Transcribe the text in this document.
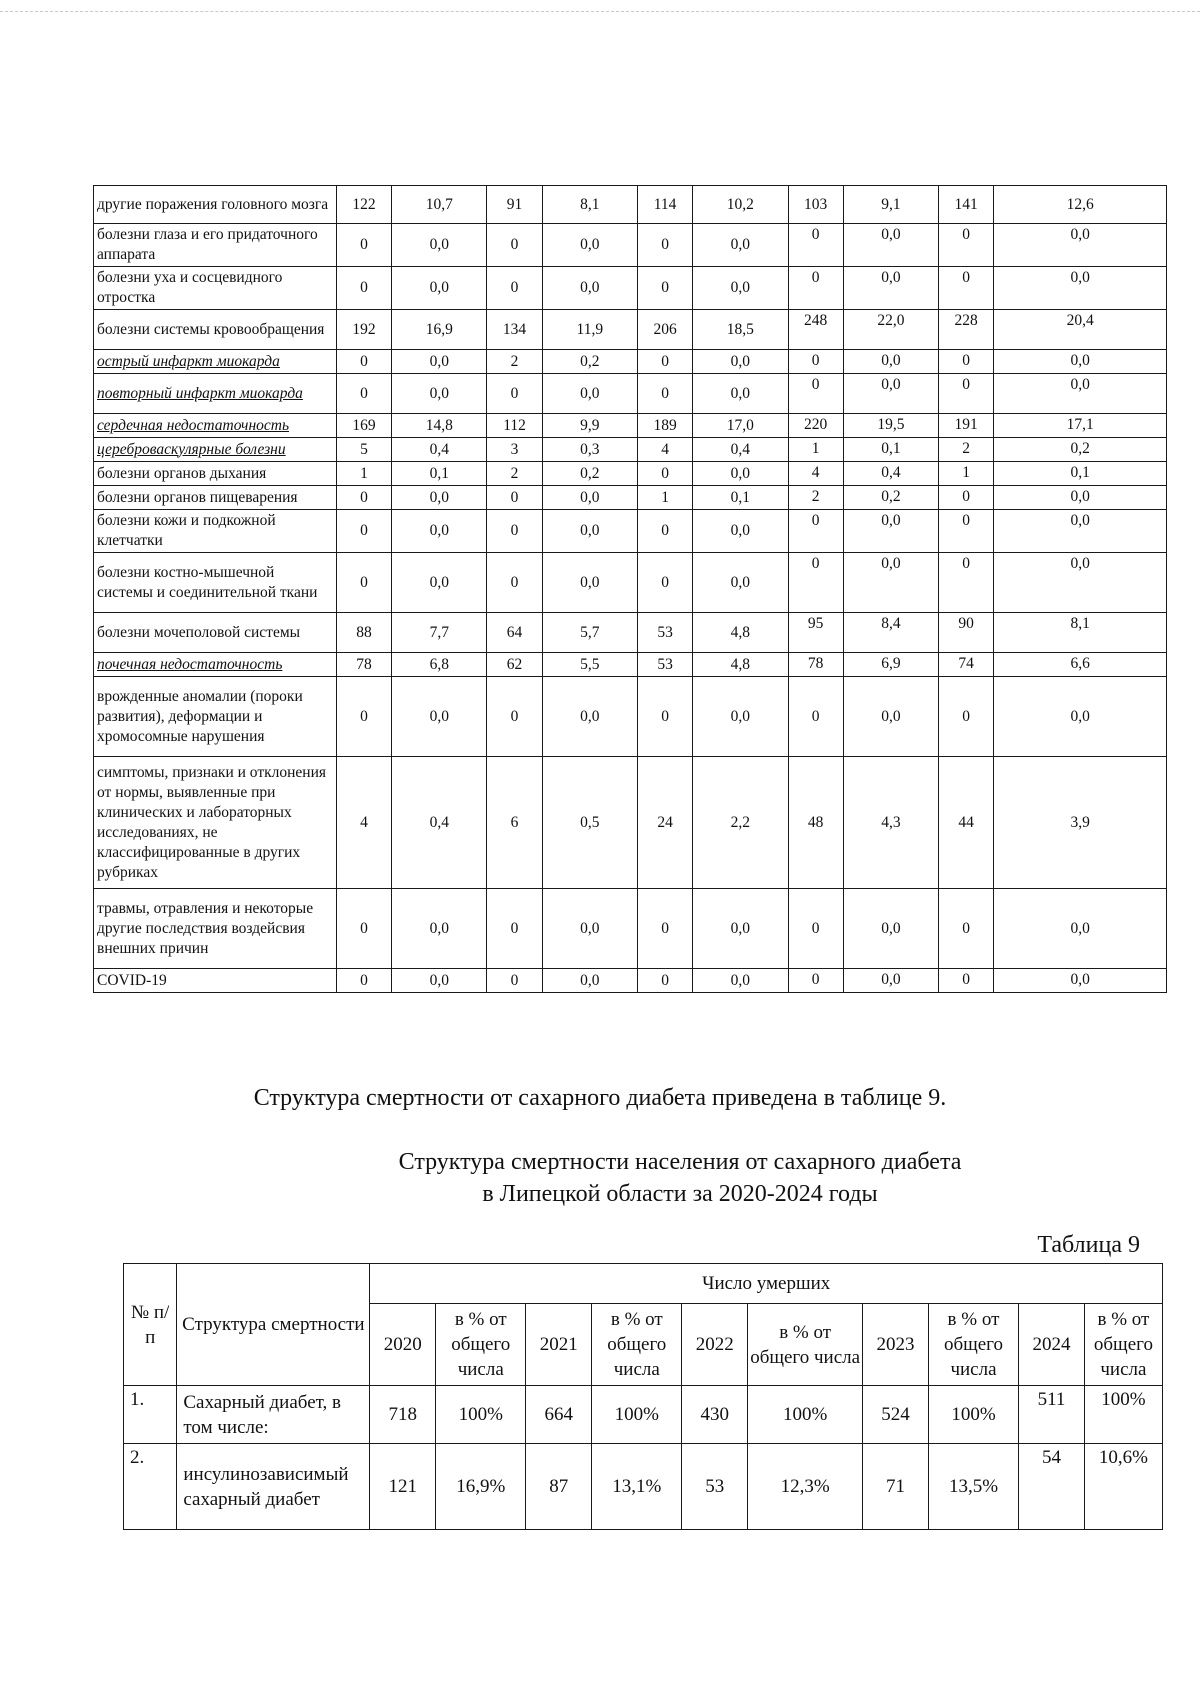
другие поражения головного мозга	122	10,7	91	8,1	114	10,2	103	9,1	141	12,6
болезни глаза и его придаточного аппарата	0	0,0	0	0,0	0	0,0	0	0,0	0	0,0
болезни уха и сосцевидного отростка	0	0,0	0	0,0	0	0,0	0	0,0	0	0,0
болезни системы кровообращения	192	16,9	134	11,9	206	18,5	248	22,0	228	20,4
острый инфаркт миокарда	0	0,0	2	0,2	0	0,0	0	0,0	0	0,0
повторный инфаркт миокарда	0	0,0	0	0,0	0	0,0	0	0,0	0	0,0
сердечная недостаточность	169	14,8	112	9,9	189	17,0	220	19,5	191	17,1
цереброваскулярные болезни	5	0,4	3	0,3	4	0,4	1	0,1	2	0,2
болезни органов дыхания	1	0,1	2	0,2	0	0,0	4	0,4	1	0,1
болезни органов пищеварения	0	0,0	0	0,0	1	0,1	2	0,2	0	0,0
болезни кожи и подкожной клетчатки	0	0,0	0	0,0	0	0,0	0	0,0	0	0,0
болезни костно-мышечной системы и соединительной ткани	0	0,0	0	0,0	0	0,0	0	0,0	0	0,0
болезни мочеполовой системы	88	7,7	64	5,7	53	4,8	95	8,4	90	8,1
почечная недостаточность	78	6,8	62	5,5	53	4,8	78	6,9	74	6,6
врожденные аномалии (пороки развития), деформации и хромосомные нарушения	0	0,0	0	0,0	0	0,0	0	0,0	0	0,0
симптомы, признаки и отклонения от нормы, выявленные при клинических и лабораторных исследованиях, не классифицированные в других рубриках	4	0,4	6	0,5	24	2,2	48	4,3	44	3,9
травмы, отравления и некоторые другие последствия воздейсвия внешних причин	0	0,0	0	0,0	0	0,0	0	0,0	0	0,0
COVID-19	0	0,0	0	0,0	0	0,0	0	0,0	0	0,0
Структура смертности от сахарного диабета приведена в таблице 9.
Структура смертности населения от сахарного диабета
в Липецкой области за 2020-2024 годы
Таблица 9
№ п/п	Структура смертности	Число умерших									
		2020	в % от общего числа	2021	в % от общего числа	2022	в % от общего числа	2023	в % от общего числа	2024	в % от общего числа
1.	Сахарный диабет, в том числе:	718	100%	664	100%	430	100%	524	100%	511	100%
2.	инсулинозависимый сахарный диабет	121	16,9%	87	13,1%	53	12,3%	71	13,5%	54	10,6%
